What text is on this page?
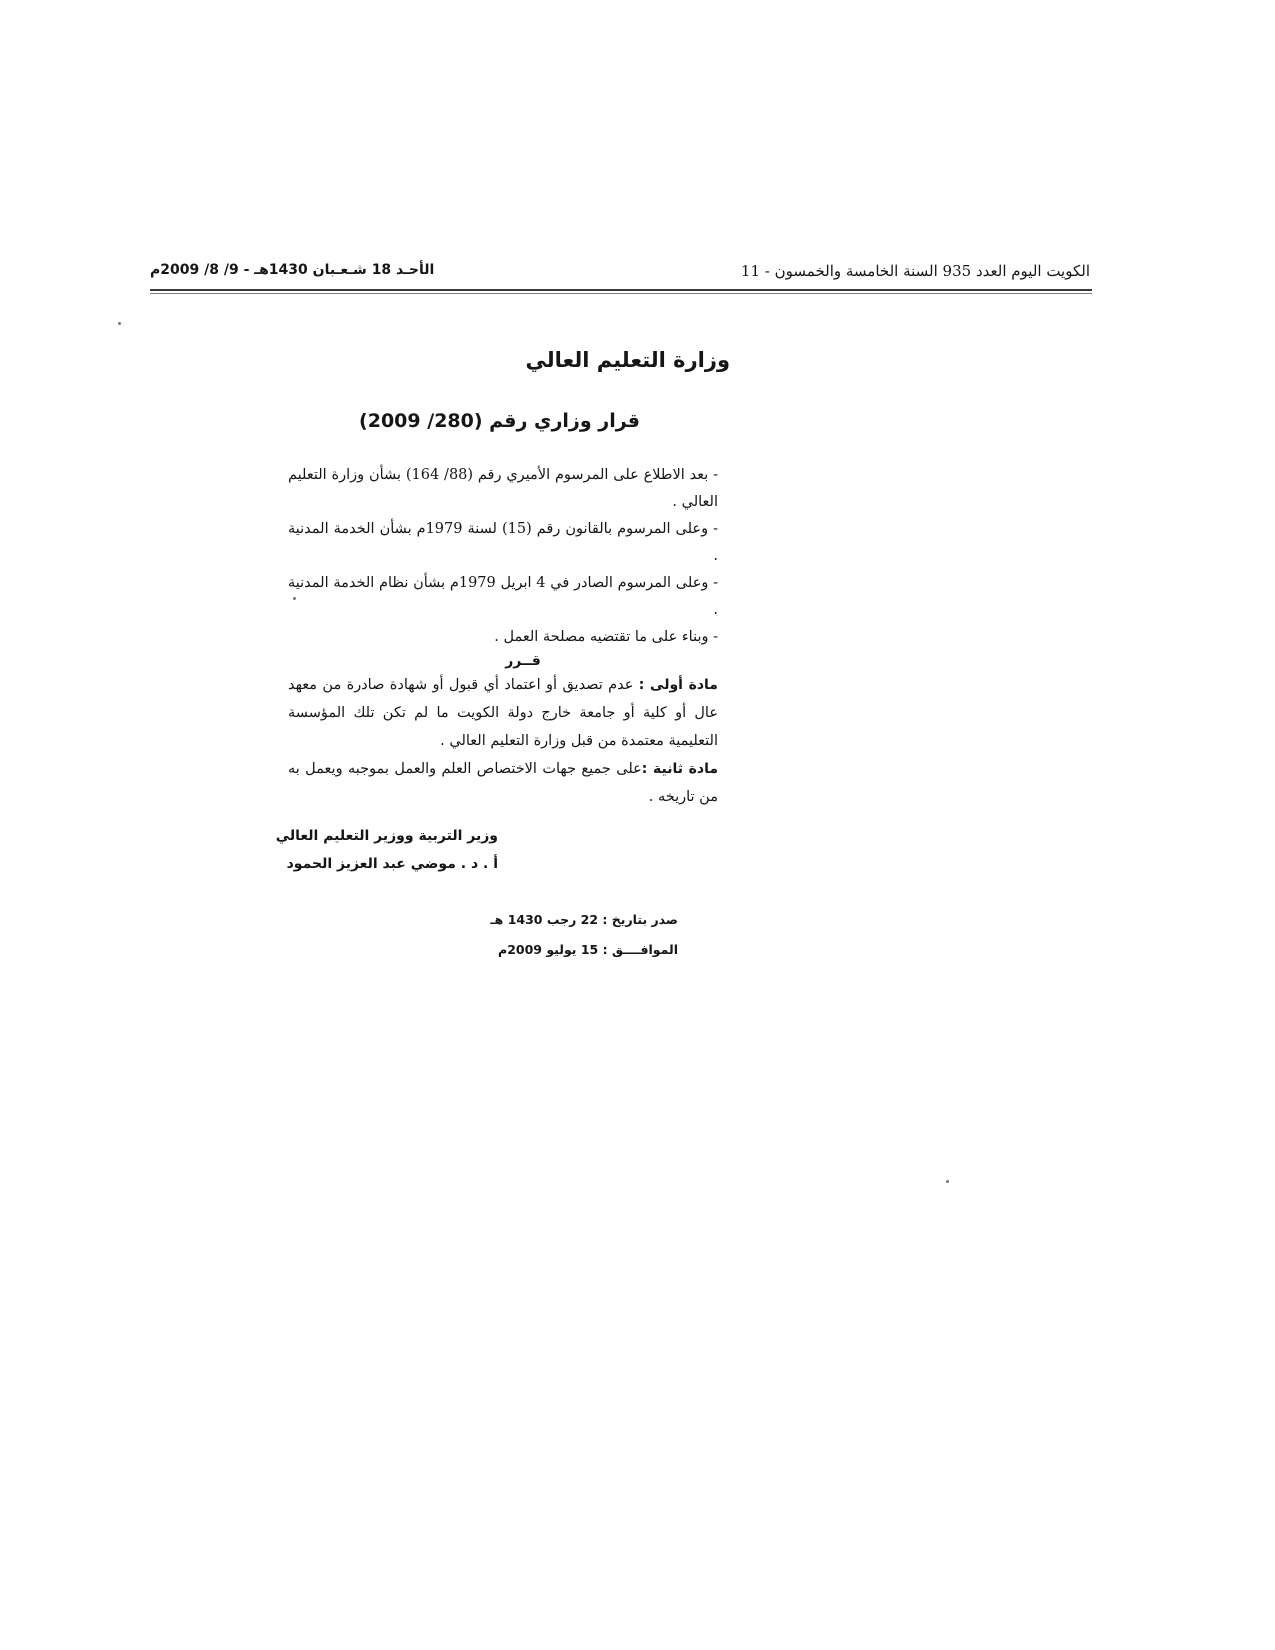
الأحـد 18 شـعـبان 1430هـ - 9/ 8/ 2009م	الكويت اليوم العدد 935 السنة الخامسة والخمسون - 11
وزارة التعليم العالي
قرار وزاري رقم (280/ 2009)

- بعد الاطلاع على المرسوم الأميري رقم (88/ 164) بشأن وزارة التعليم العالي .

- وعلى المرسوم بالقانون رقم (15) لسنة 1979م بشأن الخدمة المدنية .

- وعلى المرسوم الصادر في 4 ابريل 1979م بشأن نظام الخدمة المدنية .

- وبناء على ما تقتضيه مصلحة العمل .

قــرر

مادة أولى : عدم تصديق أو اعتماد أي قبول أو شهادة صادرة من معهد عال أو كلية أو جامعة خارج دولة الكويت ما لم تكن تلك المؤسسة التعليمية معتمدة من قبل وزارة التعليم العالي .

مادة ثانية :على جميع جهات الاختصاص العلم والعمل بموجبه ويعمل به من تاريخه .

وزير التربية ووزير التعليم العالي
أ . د . موضي عبد العزيز الحمود
صدر بتاريخ : 22 رجب 1430 هـ
الموافــــق : 15 يوليو 2009م
